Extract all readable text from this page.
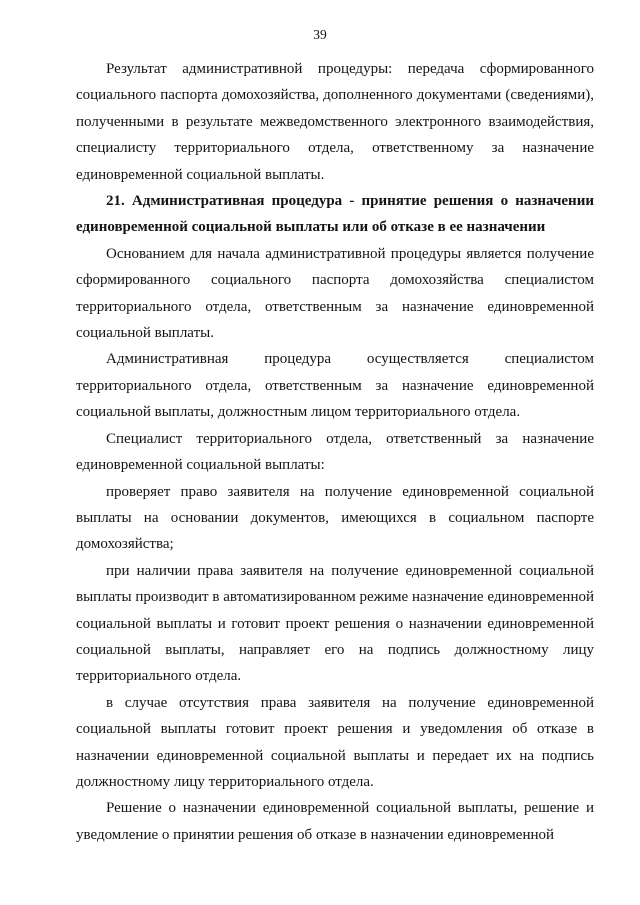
39

Результат административной процедуры: передача сформированного социального паспорта домохозяйства, дополненного документами (сведениями), полученными в результате межведомственного электронного взаимодействия, специалисту территориального отдела, ответственному за назначение единовременной социальной выплаты.

21. Административная процедура - принятие решения о назначении единовременной социальной выплаты или об отказе в ее назначении

Основанием для начала административной процедуры является получение сформированного социального паспорта домохозяйства специалистом территориального отдела, ответственным за назначение единовременной социальной выплаты.

Административная процедура осуществляется специалистом территориального отдела, ответственным за назначение единовременной социальной выплаты, должностным лицом территориального отдела.

Специалист территориального отдела, ответственный за назначение единовременной социальной выплаты:

проверяет право заявителя на получение единовременной социальной выплаты на основании документов, имеющихся в социальном паспорте домохозяйства;

при наличии права заявителя на получение единовременной социальной выплаты производит в автоматизированном режиме назначение единовременной социальной выплаты и готовит проект решения о назначении единовременной социальной выплаты, направляет его на подпись должностному лицу территориального отдела.

в случае отсутствия права заявителя на получение единовременной социальной выплаты готовит проект решения и уведомления об отказе в назначении единовременной социальной выплаты и передает их на подпись должностному лицу территориального отдела.

Решение о назначении единовременной социальной выплаты, решение и уведомление о принятии решения об отказе в назначении единовременной
